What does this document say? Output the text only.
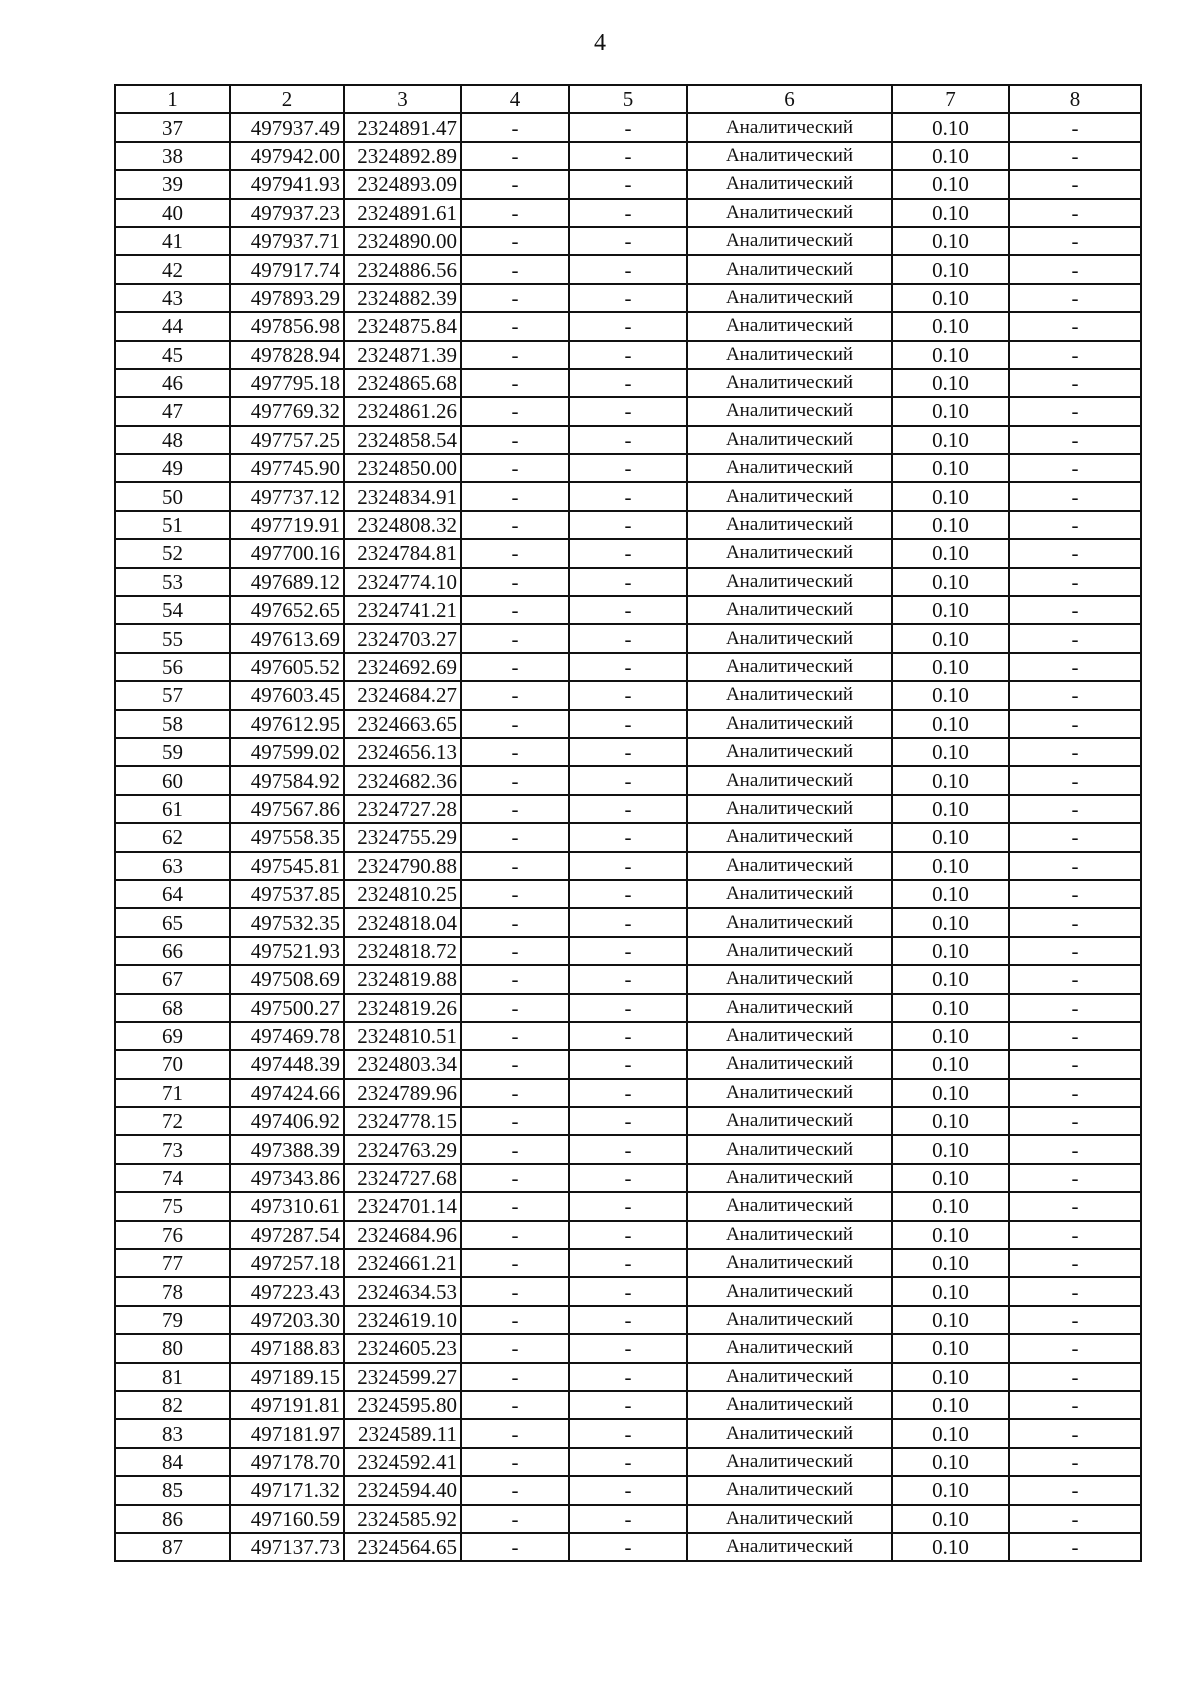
4
1	2	3	4	5	6	7	8
37	497937.49	2324891.47	-	-	Аналитический	0.10	-
38	497942.00	2324892.89	-	-	Аналитический	0.10	-
39	497941.93	2324893.09	-	-	Аналитический	0.10	-
40	497937.23	2324891.61	-	-	Аналитический	0.10	-
41	497937.71	2324890.00	-	-	Аналитический	0.10	-
42	497917.74	2324886.56	-	-	Аналитический	0.10	-
43	497893.29	2324882.39	-	-	Аналитический	0.10	-
44	497856.98	2324875.84	-	-	Аналитический	0.10	-
45	497828.94	2324871.39	-	-	Аналитический	0.10	-
46	497795.18	2324865.68	-	-	Аналитический	0.10	-
47	497769.32	2324861.26	-	-	Аналитический	0.10	-
48	497757.25	2324858.54	-	-	Аналитический	0.10	-
49	497745.90	2324850.00	-	-	Аналитический	0.10	-
50	497737.12	2324834.91	-	-	Аналитический	0.10	-
51	497719.91	2324808.32	-	-	Аналитический	0.10	-
52	497700.16	2324784.81	-	-	Аналитический	0.10	-
53	497689.12	2324774.10	-	-	Аналитический	0.10	-
54	497652.65	2324741.21	-	-	Аналитический	0.10	-
55	497613.69	2324703.27	-	-	Аналитический	0.10	-
56	497605.52	2324692.69	-	-	Аналитический	0.10	-
57	497603.45	2324684.27	-	-	Аналитический	0.10	-
58	497612.95	2324663.65	-	-	Аналитический	0.10	-
59	497599.02	2324656.13	-	-	Аналитический	0.10	-
60	497584.92	2324682.36	-	-	Аналитический	0.10	-
61	497567.86	2324727.28	-	-	Аналитический	0.10	-
62	497558.35	2324755.29	-	-	Аналитический	0.10	-
63	497545.81	2324790.88	-	-	Аналитический	0.10	-
64	497537.85	2324810.25	-	-	Аналитический	0.10	-
65	497532.35	2324818.04	-	-	Аналитический	0.10	-
66	497521.93	2324818.72	-	-	Аналитический	0.10	-
67	497508.69	2324819.88	-	-	Аналитический	0.10	-
68	497500.27	2324819.26	-	-	Аналитический	0.10	-
69	497469.78	2324810.51	-	-	Аналитический	0.10	-
70	497448.39	2324803.34	-	-	Аналитический	0.10	-
71	497424.66	2324789.96	-	-	Аналитический	0.10	-
72	497406.92	2324778.15	-	-	Аналитический	0.10	-
73	497388.39	2324763.29	-	-	Аналитический	0.10	-
74	497343.86	2324727.68	-	-	Аналитический	0.10	-
75	497310.61	2324701.14	-	-	Аналитический	0.10	-
76	497287.54	2324684.96	-	-	Аналитический	0.10	-
77	497257.18	2324661.21	-	-	Аналитический	0.10	-
78	497223.43	2324634.53	-	-	Аналитический	0.10	-
79	497203.30	2324619.10	-	-	Аналитический	0.10	-
80	497188.83	2324605.23	-	-	Аналитический	0.10	-
81	497189.15	2324599.27	-	-	Аналитический	0.10	-
82	497191.81	2324595.80	-	-	Аналитический	0.10	-
83	497181.97	2324589.11	-	-	Аналитический	0.10	-
84	497178.70	2324592.41	-	-	Аналитический	0.10	-
85	497171.32	2324594.40	-	-	Аналитический	0.10	-
86	497160.59	2324585.92	-	-	Аналитический	0.10	-
87	497137.73	2324564.65	-	-	Аналитический	0.10	-
